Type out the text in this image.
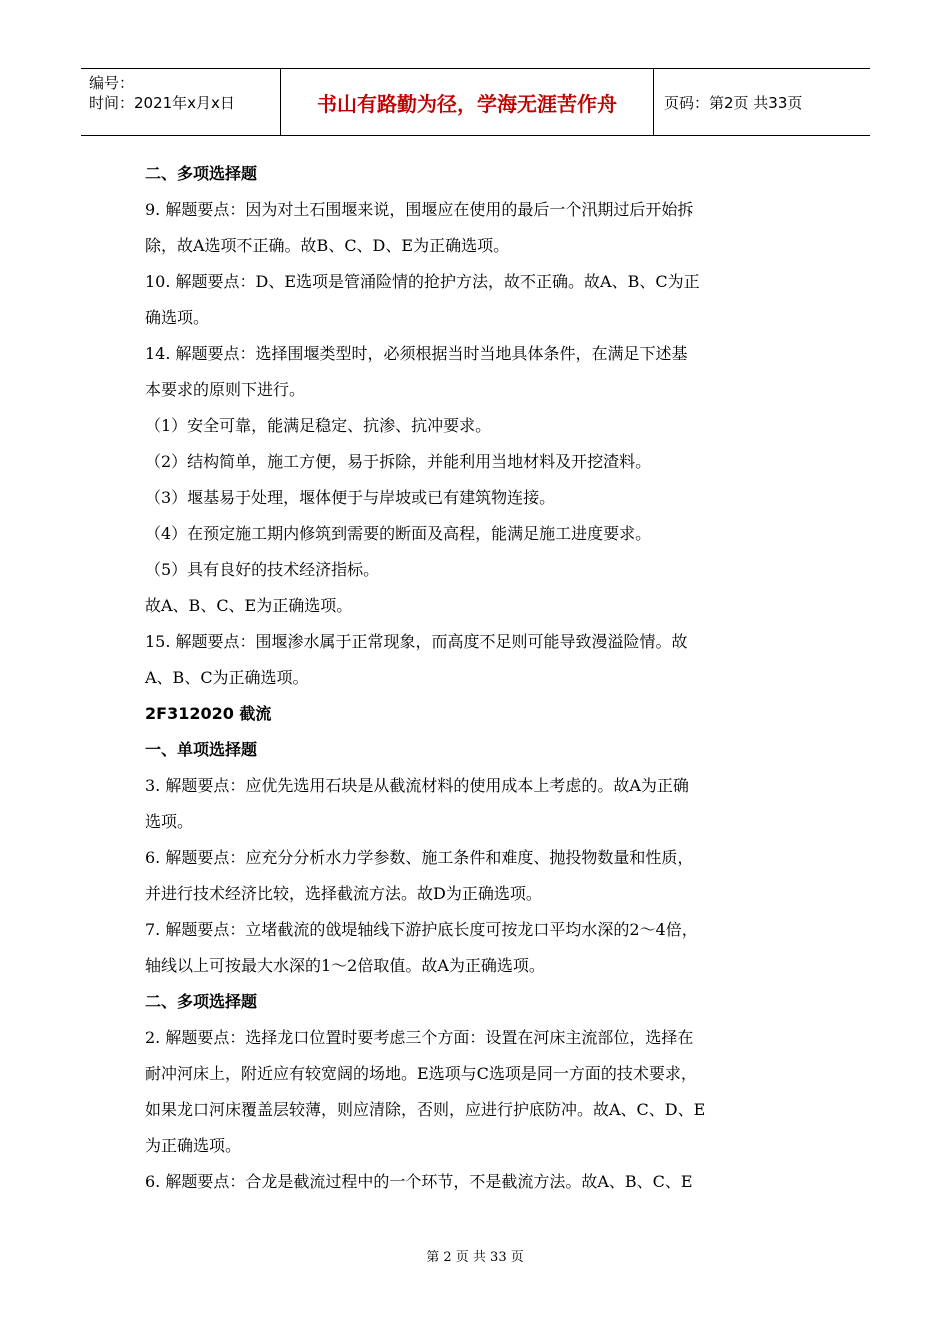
编号：
时间：2021年x月x日	书山有路勤为径，学海无涯苦作舟	页码：第2页 共33页
二、多项选择题
9. 解题要点：因为对土石围堰来说，围堰应在使用的最后一个汛期过后开始拆
除，故A选项不正确。故B、C、D、E为正确选项。
10. 解题要点：D、E选项是管涌险情的抢护方法，故不正确。故A、B、C为正
确选项。
14. 解题要点：选择围堰类型时，必须根据当时当地具体条件，在满足下述基
本要求的原则下进行。
（1）安全可靠，能满足稳定、抗渗、抗冲要求。
（2）结构简单，施工方便，易于拆除，并能利用当地材料及开挖渣料。
（3）堰基易于处理，堰体便于与岸坡或已有建筑物连接。
（4）在预定施工期内修筑到需要的断面及高程，能满足施工进度要求。
（5）具有良好的技术经济指标。
故A、B、C、E为正确选项。
15. 解题要点：围堰渗水属于正常现象，而高度不足则可能导致漫溢险情。故
A、B、C为正确选项。
2F312020 截流
一、单项选择题
3. 解题要点：应优先选用石块是从截流材料的使用成本上考虑的。故A为正确
选项。
6. 解题要点：应充分分析水力学参数、施工条件和难度、抛投物数量和性质，
并进行技术经济比较，选择截流方法。故D为正确选项。
7. 解题要点：立堵截流的戗堤轴线下游护底长度可按龙口平均水深的2～4倍，
轴线以上可按最大水深的1～2倍取值。故A为正确选项。
二、多项选择题
2. 解题要点：选择龙口位置时要考虑三个方面：设置在河床主流部位，选择在
耐冲河床上，附近应有较宽阔的场地。E选项与C选项是同一方面的技术要求，
如果龙口河床覆盖层较薄，则应清除，否则，应进行护底防冲。故A、C、D、E
为正确选项。
6. 解题要点：合龙是截流过程中的一个环节，不是截流方法。故A、B、C、E
第 2 页 共 33 页
